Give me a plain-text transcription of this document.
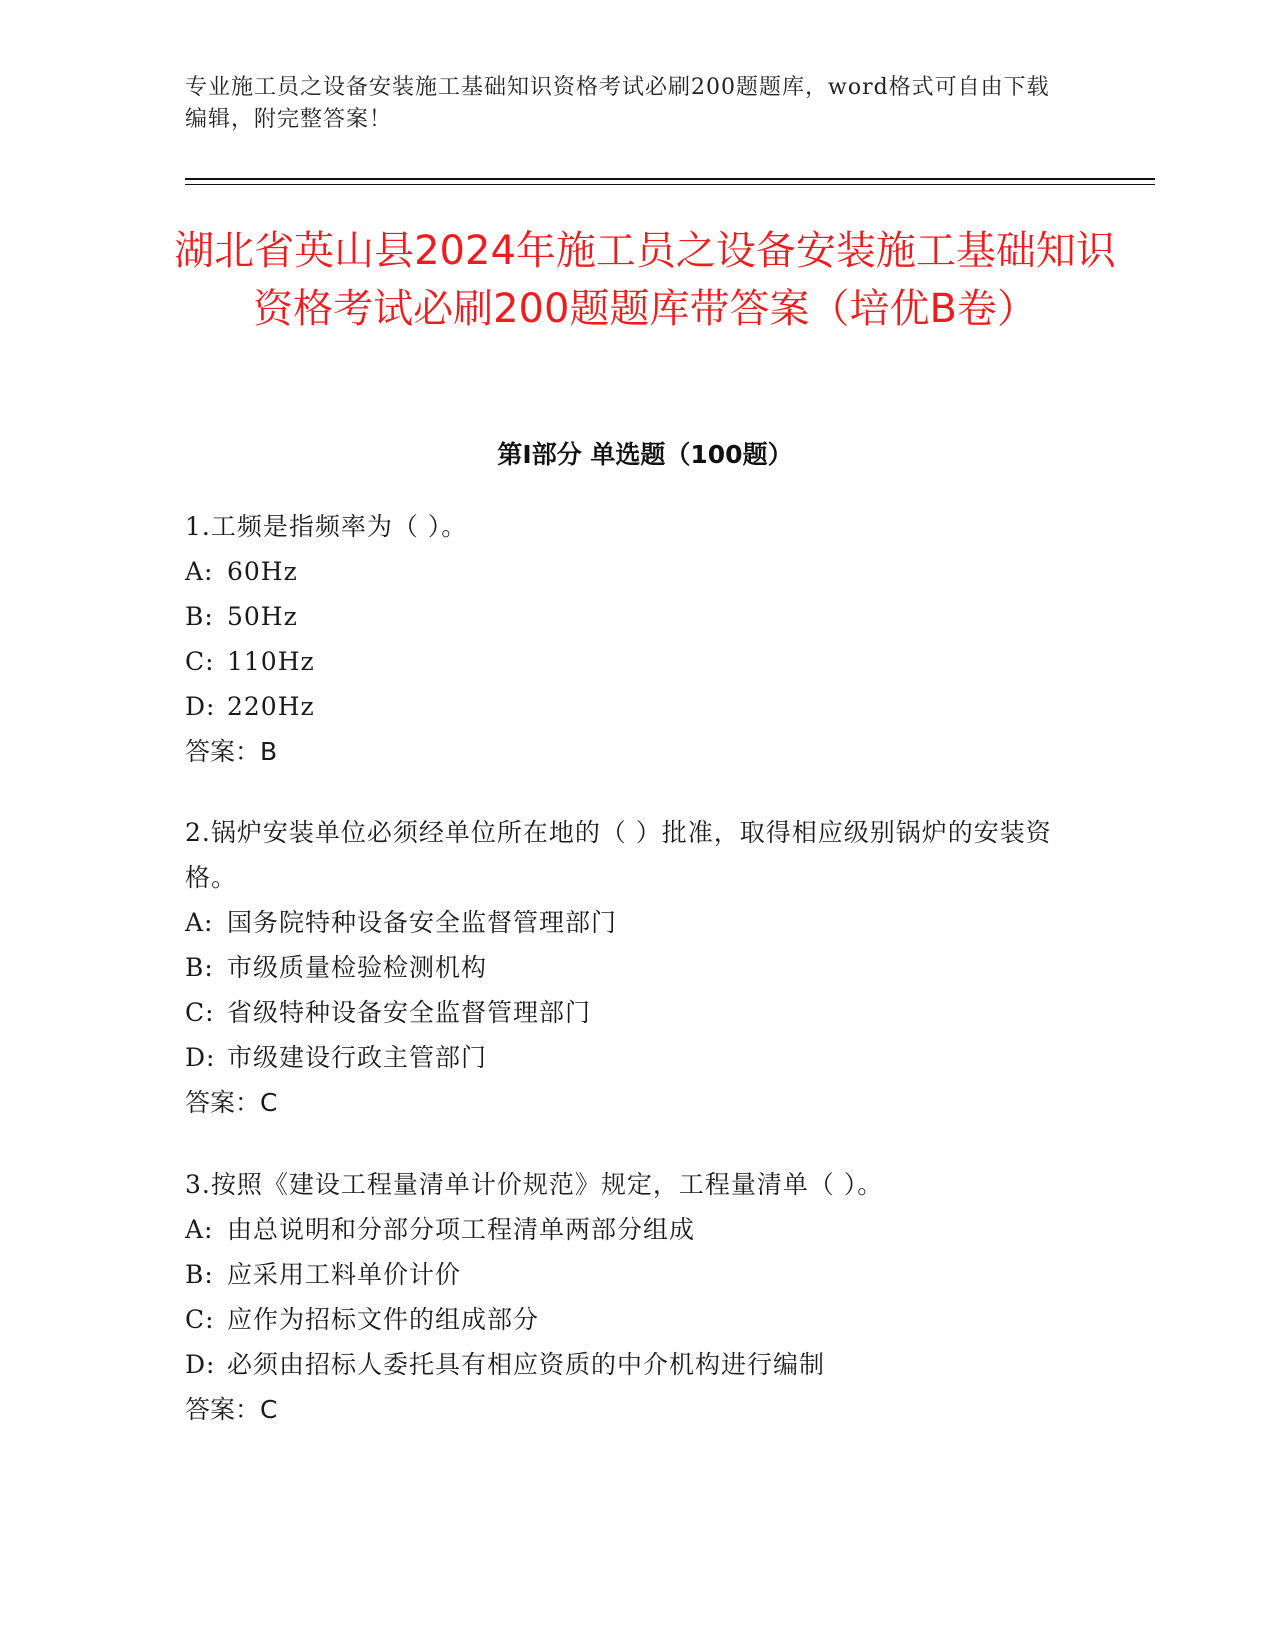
专业施工员之设备安装施工基础知识资格考试必刷200题题库，word格式可自由下载编辑，附完整答案！
湖北省英山县2024年施工员之设备安装施工基础知识资格考试必刷200题题库带答案（培优B卷）
第Ⅰ部分 单选题（100题）

1.工频是指频率为（ ）。

A: 60Hz

B: 50Hz

C: 110Hz

D: 220Hz

答案：B

2.锅炉安装单位必须经单位所在地的（ ）批准，取得相应级别锅炉的安装资格。

A: 国务院特种设备安全监督管理部门

B: 市级质量检验检测机构

C: 省级特种设备安全监督管理部门

D: 市级建设行政主管部门

答案：C

3.按照《建设工程量清单计价规范》规定，工程量清单（ ）。

A: 由总说明和分部分项工程清单两部分组成

B: 应采用工料单价计价

C: 应作为招标文件的组成部分

D: 必须由招标人委托具有相应资质的中介机构进行编制

答案：C
